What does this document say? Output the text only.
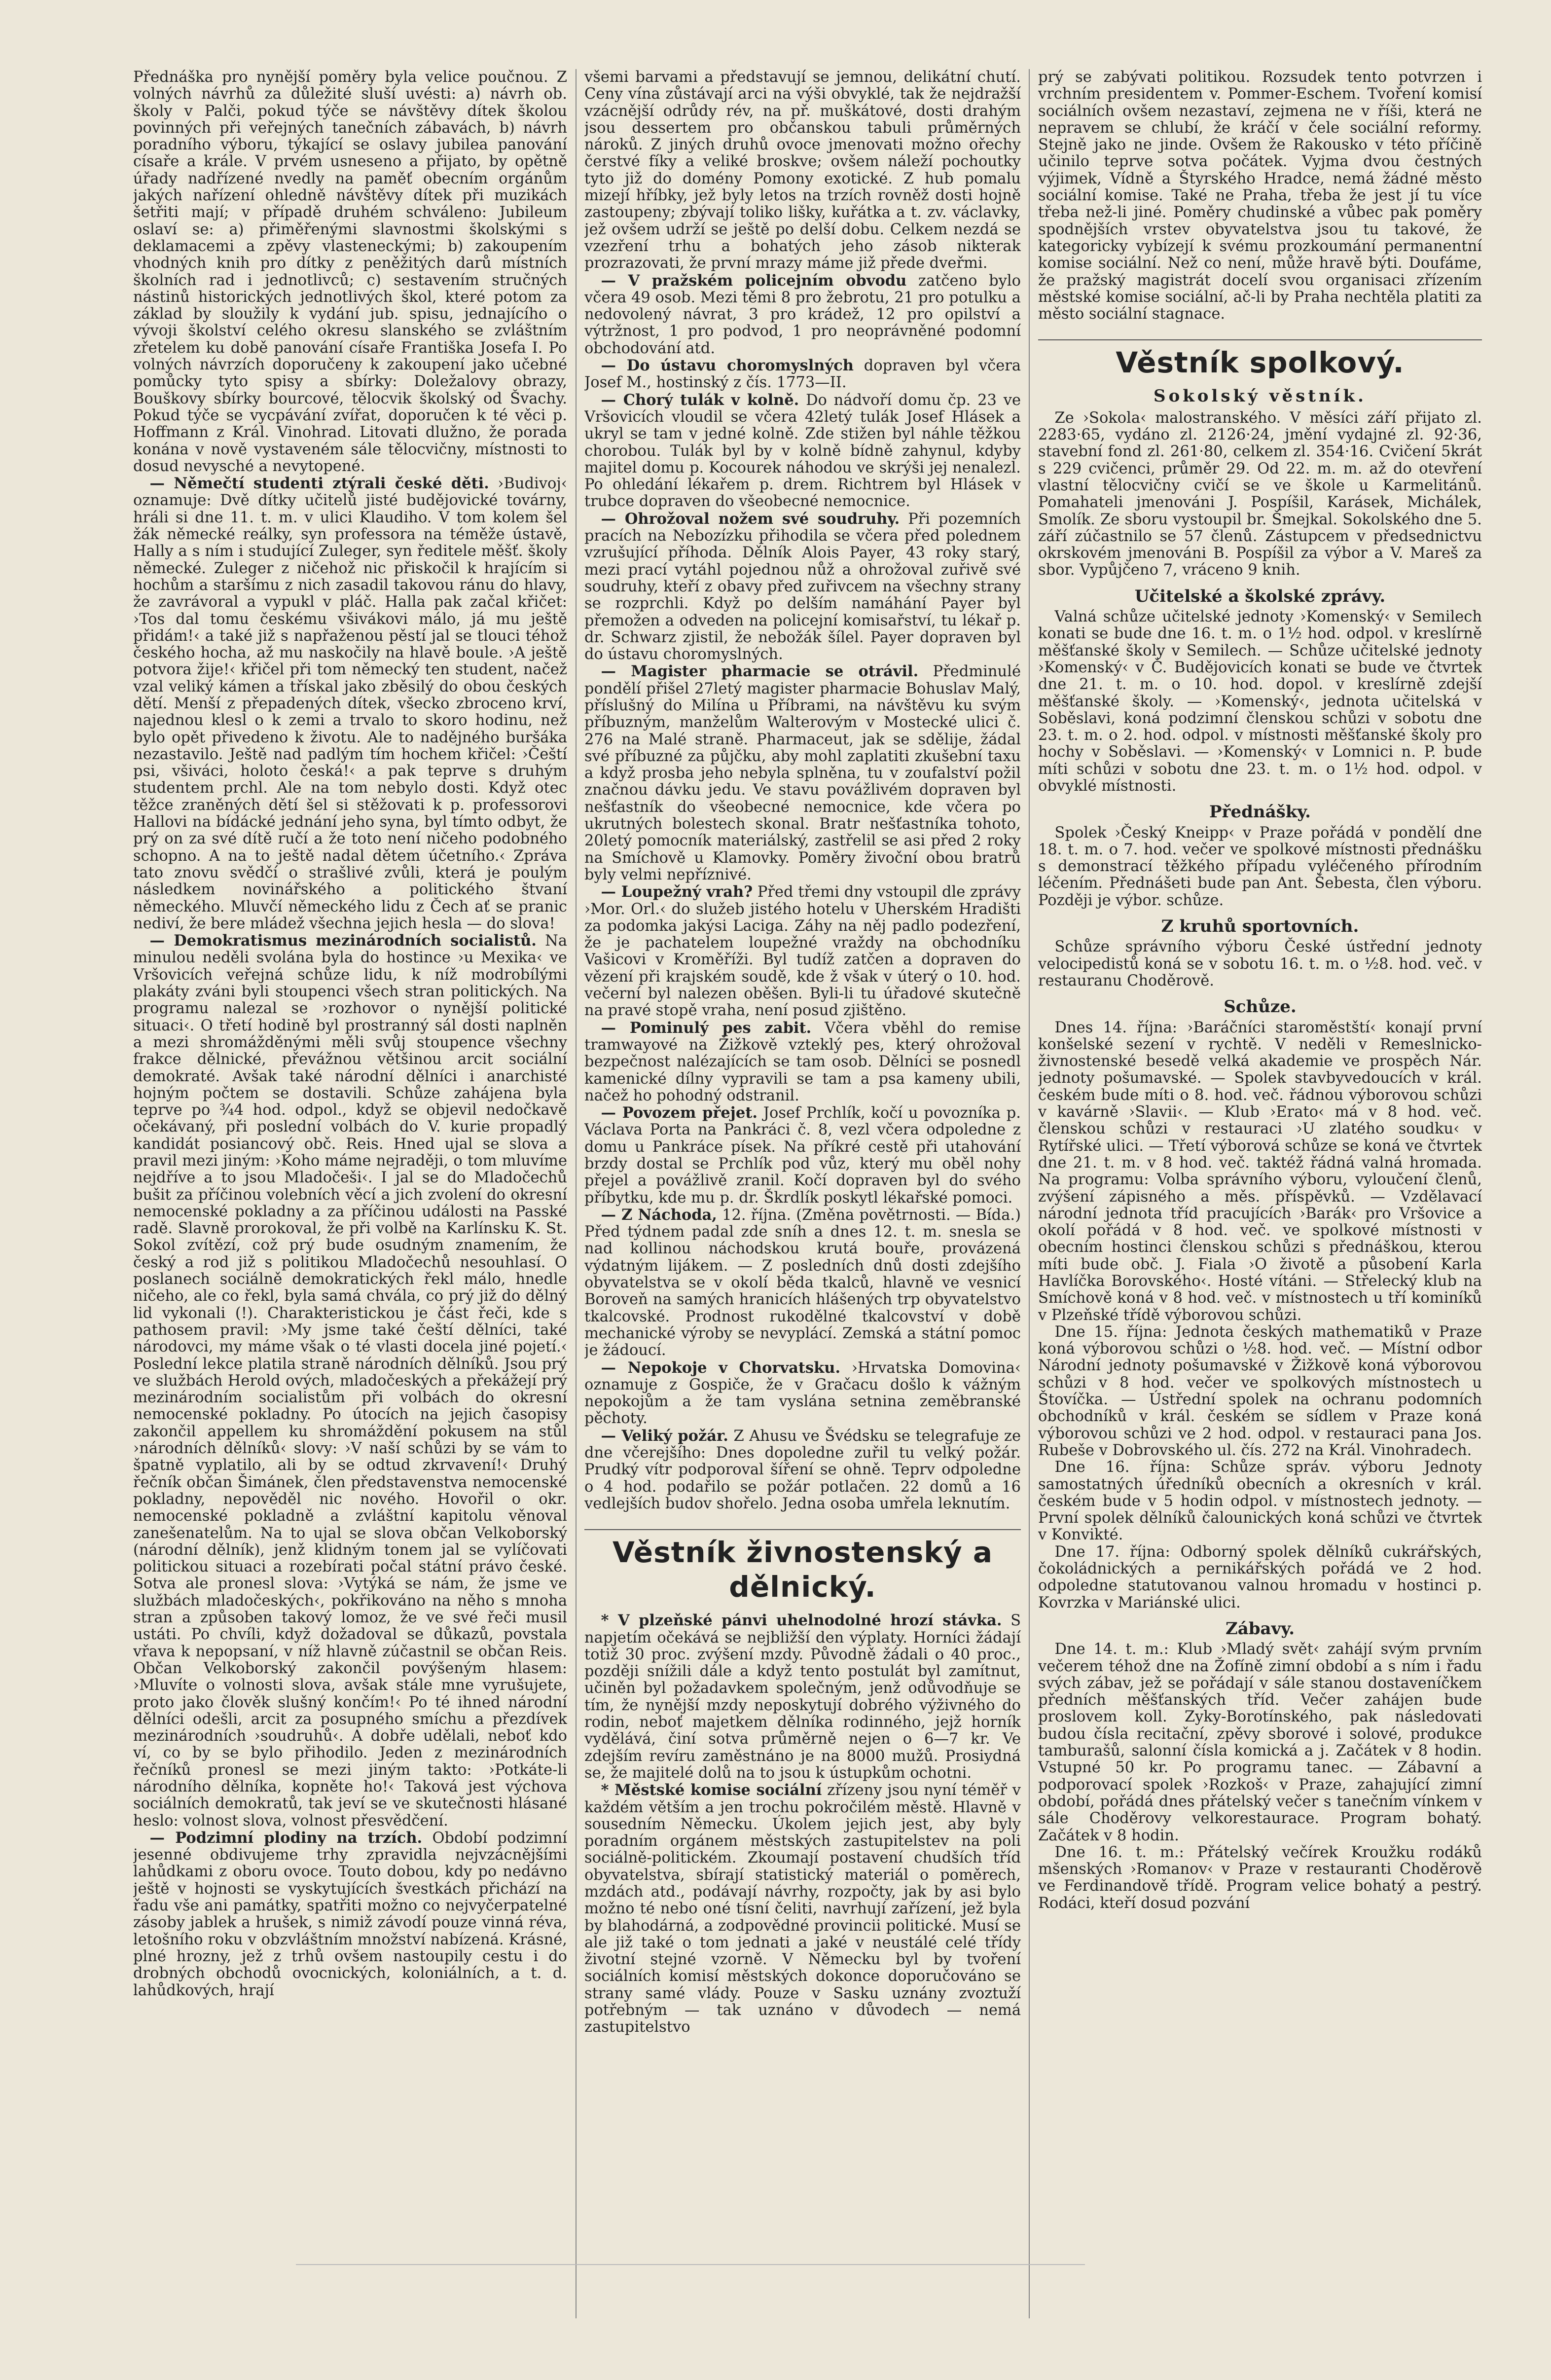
Přednáška pro nynější poměry byla velice poučnou. Z volných návrhů za důležité sluší uvésti: a) návrh ob. školy v Palči, pokud týče se návštěvy dítek školou povinných při veřejných tanečních zábavách, b) návrh poradního výboru, týkající se oslavy jubilea panování císaře a krále. V prvém usneseno a přijato, by opětně úřady nadřízené nvedly na paměť obecním orgánům jakých nařízení ohledně návštěvy dítek při muzikách šetřiti mají; v případě druhém schváleno: Jubileum oslaví se: a) přiměřenými slavnostmi školskými s deklamacemi a zpěvy vlasteneckými; b) zakoupením vhodných knih pro dítky z peněžitých darů místních školních rad i jednotlivců; c) sestavením stručných nástinů historických jednotlivých škol, které potom za základ by sloužily k vydání jub. spisu, jednajícího o vývoji školství celého okresu slanského se zvláštním zřetelem ku době panování císaře Františka Josefa I. Po volných návrzích doporučeny k zakoupení jako učebné pomůcky tyto spisy a sbírky: Doležalovy obrazy, Bouškovy sbírky bourcové, tělocvik školský od Švachy. Pokud týče se vycpávání zvířat, doporučen k té věci p. Hoffmann z Král. Vinohrad. Litovati dlužno, že porada konána v nově vystaveném sále tělocvičny, místnosti to dosud nevysché a nevytopené.

— Němečtí studenti ztýrali české děti. ›Budivoj‹ oznamuje: Dvě dítky učitelů jisté budějovické továrny, hráli si dne 11. t. m. v ulici Klaudiho. V tom kolem šel žák německé reálky, syn professora na téměže ústavě, Hally a s ním i studující Zuleger, syn ředitele měšť. školy německé. Zuleger z ničehož nic přiskočil k hrajícím si hochům a staršímu z nich zasadil takovou ránu do hlavy, že zavrávoral a vypukl v pláč. Halla pak začal křičet: ›Tos dal tomu českému všivákovi málo, já mu ještě přidám!‹ a také již s napřaženou pěstí jal se tlouci téhož českého hocha, až mu naskočily na hlavě boule. ›A ještě potvora žije!‹ křičel při tom německý ten student, načež vzal veliký kámen a třískal jako zběsilý do obou českých dětí. Menší z přepadených dítek, všecko zbroceno krví, najednou klesl o k zemi a trvalo to skoro hodinu, než bylo opět přivedeno k životu. Ale to nadějného buršáka nezastavilo. Ještě nad padlým tím hochem křičel: ›Čeští psi, všiváci, holoto česká!‹ a pak teprve s druhým studentem prchl. Ale na tom nebylo dosti. Když otec těžce zraněných dětí šel si stěžovati k p. professorovi Hallovi na bídácké jednání jeho syna, byl tímto odbyt, že prý on za své dítě ručí a že toto není ničeho podobného schopno. A na to ještě nadal dětem účetního.‹ Zpráva tato znovu svědčí o strašlivé zvůli, která je poulým následkem novinářského a politického štvaní německého. Mluvčí německého lidu z Čech ať se pranic nediví, že bere mládež všechna jejich hesla — do slova!

— Demokratismus mezinárodních socialistů. Na minulou neděli svolána byla do hostince ›u Mexika‹ ve Vršovicích veřejná schůze lidu, k níž modrobílými plakáty zváni byli stoupenci všech stran politických. Na programu nalezal se ›rozhovor o nynější politické situaci‹. O třetí hodině byl prostranný sál dosti naplněn a mezi shromážděnými měli svůj stoupence všechny frakce dělnické, převážnou většinou arcit sociální demokraté. Avšak také národní dělníci i anarchisté hojným počtem se dostavili. Schůze zahájena byla teprve po ¾4 hod. odpol., když se objevil nedočkavě očekávaný, při poslední volbách do V. kurie propadlý kandidát posiancový obč. Reis. Hned ujal se slova a pravil mezi jiným: ›Koho máme nejraději, o tom mluvíme nejdříve a to jsou Mladočeši‹. I jal se do Mladočechů bušit za příčinou volebních věcí a jich zvolení do okresní nemocenské pokladny a za příčinou události na Passké radě. Slavně prorokoval, že při volbě na Karlínsku K. St. Sokol zvítězí, což prý bude osudným znamením, že český a rod již s politikou Mladočechů nesouhlasí. O poslanech sociálně demokratických řekl málo, hnedle ničeho, ale co řekl, byla samá chvála, co prý již do dělný lid vykonali (!). Charakteristickou je část řeči, kde s pathosem pravil: ›My jsme také čeští dělníci, také národovci, my máme však o té vlasti docela jiné pojetí.‹ Poslední lekce platila straně národních dělníků. Jsou prý ve službách Herold ových, mladočeských a překážejí prý mezinárodním socialistům při volbách do okresní nemocenské pokladny. Po útocích na jejich časopisy zakončil appellem ku shromáždění pokusem na stůl ›národních dělníků‹ slovy: ›V naší schůzi by se vám to špatně vyplatilo, ali by se odtud zkrvavení!‹ Druhý řečník občan Šimánek, člen představenstva nemocenské pokladny, nepověděl nic nového. Hovořil o okr. nemocenské pokladně a zvláštní kapitolu věnoval zanešenatelům. Na to ujal se slova občan Velkoborský (národní dělník), jenž klidným tonem jal se vylíčovati politickou situaci a rozebírati počal státní právo české. Sotva ale pronesl slova: ›Vytýká se nám, že jsme ve službách mladočeských‹, pokřikováno na něho s mnoha stran a způsoben takový lomoz, že ve své řeči musil ustáti. Po chvíli, když dožadoval se důkazů, povstala vřava k nepopsaní, v níž hlavně zúčastnil se občan Reis. Občan Velkoborský zakončil povýšeným hlasem: ›Mluvíte o volnosti slova, avšak stále mne vyrušujete, proto jako člověk slušný končím!‹ Po té ihned národní dělníci odešli, arcit za posupného smíchu a přezdívek mezinárodních ›soudruhů‹. A dobře udělali, neboť kdo ví, co by se bylo přihodilo. Jeden z mezinárodních řečníků pronesl se mezi jiným takto: ›Potkáte-li národního dělníka, kopněte ho!‹ Taková jest výchova sociálních demokratů, tak jeví se ve skutečnosti hlásané heslo: volnost slova, volnost přesvědčení.

— Podzimní plodiny na trzích. Období podzimní jesenné obdivujeme trhy zpravidla nejvzácnějšími lahůdkami z oboru ovoce. Touto dobou, kdy po nedávno ještě v hojnosti se vyskytujících švestkách přichází na řadu vše ani památky, spatřiti možno co nejvyčerpatelné zásoby jablek a hrušek, s nimiž závodí pouze vinná réva, letošního roku v obzvláštním množství nabízená. Krásné, plné hrozny, jež z trhů ovšem nastoupily cestu i do drobných obchodů ovocnických, koloniálních, a t. d. lahůdkových, hrají

všemi barvami a představují se jemnou, delikátní chutí. Ceny vína zůstávají arci na výši obvyklé, tak že nejdražší vzácnější odrůdy rév, na př. muškátové, dosti drahým jsou dessertem pro občanskou tabuli průměrných nároků. Z jiných druhů ovoce jmenovati možno ořechy čerstvé fíky a veliké broskve; ovšem náleží pochoutky tyto již do domény Pomony exotické. Z hub pomalu mizejí hříbky, jež byly letos na trzích rovněž dosti hojně zastoupeny; zbývají toliko lišky, kuřátka a t. zv. václavky, jež ovšem udrží se ještě po delší dobu. Celkem nezdá se vzezření trhu a bohatých jeho zásob nikterak prozrazovati, že první mrazy máme již přede dveřmi.

— V pražském policejním obvodu zatčeno bylo včera 49 osob. Mezi těmi 8 pro žebrotu, 21 pro potulku a nedovolený návrat, 3 pro krádež, 12 pro opilství a výtržnost, 1 pro podvod, 1 pro neoprávněné podomní obchodování atd.

— Do ústavu choromyslných dopraven byl včera Josef M., hostinský z čís. 1773—II.

— Chorý tulák v kolně. Do nádvoří domu čp. 23 ve Vršovicích vloudil se včera 42letý tulák Josef Hlásek a ukryl se tam v jedné kolně. Zde stižen byl náhle těžkou chorobou. Tulák byl by v kolně bídně zahynul, kdyby majitel domu p. Kocourek náhodou ve skrýši jej nenalezl. Po ohledání lékařem p. drem. Richtrem byl Hlásek v trubce dopraven do všeobecné nemocnice.

— Ohrožoval nožem své soudruhy. Při pozemních pracích na Nebozízku přihodila se včera před polednem vzrušující příhoda. Dělník Alois Payer, 43 roky starý, mezi prací vytáhl pojednou nůž a ohrožoval zuřivě své soudruhy, kteří z obavy před zuřivcem na všechny strany se rozprchli. Když po delším namáhání Payer byl přemožen a odveden na policejní komisařství, tu lékař p. dr. Schwarz zjistil, že nebožák šílel. Payer dopraven byl do ústavu choromyslných.

— Magister pharmacie se otrávil. Předminulé pondělí přišel 27letý magister pharmacie Bohuslav Malý, příslušný do Milína u Příbrami, na návštěvu ku svým příbuzným, manželům Walterovým v Mostecké ulici č. 276 na Malé straně. Pharmaceut, jak se sdělije, žádal své příbuzné za půjčku, aby mohl zaplatiti zkušební taxu a když prosba jeho nebyla splněna, tu v zoufalství požil značnou dávku jedu. Ve stavu povážlivém dopraven byl nešťastník do všeobecné nemocnice, kde včera po ukrutných bolestech skonal. Bratr nešťastníka tohoto, 20letý pomocník materiálský, zastřelil se asi před 2 roky na Smíchově u Klamovky. Poměry živoční obou bratrů byly velmi nepříznivé.

— Loupežný vrah? Před třemi dny vstoupil dle zprávy ›Mor. Orl.‹ do služeb jistého hotelu v Uherském Hradišti za podomka jakýsi Laciga. Záhy na něj padlo podezření, že je pachatelem loupežné vraždy na obchodníku Vašicovi v Kroměříži. Byl tudíž zatčen a dopraven do vězení při krajském soudě, kde ž však v úterý o 10. hod. večerní byl nalezen oběšen. Byli-li tu úřadové skutečně na pravé stopě vraha, není posud zjištěno.

— Pominulý pes zabit. Včera vběhl do remise tramwayové na Žižkově vzteklý pes, který ohrožoval bezpečnost nalézajících se tam osob. Dělníci se posnedl kamenické dílny vypravili se tam a psa kameny ubili, načež ho pohodný odstranil.

— Povozem přejet. Josef Prchlík, kočí u povozníka p. Václava Porta na Pankráci č. 8, vezl včera odpoledne z domu u Pankráce písek. Na příkré cestě při utahování brzdy dostal se Prchlík pod vůz, který mu oběl nohy přejel a povážlivě zranil. Kočí dopraven byl do svého příbytku, kde mu p. dr. Škrdlík poskytl lékařské pomoci.

— Z Náchoda, 12. října. (Změna povětrnosti. — Bída.) Před týdnem padal zde sníh a dnes 12. t. m. snesla se nad kollinou náchodskou krutá bouře, provázená výdatným lijákem. — Z posledních dnů dosti zdejšího obyvatelstva se v okolí běda tkalců, hlavně ve vesnicí Boroveň na samých hranicích hlášených trp obyvatelstvo tkalcovské. Prodnost rukodělné tkalcovství v době mechanické výroby se nevyplácí. Zemská a státní pomoc je žádoucí.

— Nepokoje v Chorvatsku. ›Hrvatska Domovina‹ oznamuje z Gospiče, že v Gračacu došlo k vážným nepokojům a že tam vyslána setnina zeměbranské pěchoty.

— Veliký požár. Z Ahusu ve Švédsku se telegrafuje ze dne včerejšího: Dnes dopoledne zuřil tu velký požár. Prudký vítr podporoval šíření se ohně. Teprv odpoledne o 4 hod. podařilo se požár potlačen. 22 domů a 16 vedlejších budov shořelo. Jedna osoba umřela leknutím.

Věstník živnostenský a dělnický.

* V plzeňské pánvi uhelnodolné hrozí stávka. S napjetím očekává se nejbližší den výplaty. Horníci žádají totiž 30 proc. zvýšení mzdy. Původně žádali o 40 proc., později snížili dále a když tento postulát byl zamítnut, učiněn byl požadavkem společným, jenž odůvodňuje se tím, že nynější mzdy neposkytují dobrého výživného do rodin, neboť majetkem dělníka rodinného, jejž horník vydělává, činí sotva průměrně nejen o 6—7 kr. Ve zdejším revíru zaměstnáno je na 8000 mužů. Prosiydná se, že majitelé dolů na to jsou k ústupkům ochotni.

* Městské komise sociální zřízeny jsou nyní téměř v každém větším a jen trochu pokročilém městě. Hlavně v sousedním Německu. Úkolem jejich jest, aby byly poradním orgánem městských zastupitelstev na poli sociálně-politickém. Zkoumají postavení chudších tříd obyvatelstva, sbírají statistický materiál o poměrech, mzdách atd., podávají návrhy, rozpočty, jak by asi bylo možno té nebo oné tísní čeliti, navrhují zařízení, jež byla by blahodárná, a zodpovědné provincii politické. Musí se ale již také o tom jednati a jaké v neustálé celé třídy životní stejné vzorně. V Německu byl by tvoření sociálních komisí městských dokonce doporučováno se strany samé vlády. Pouze v Sasku uznány zvoztuží potřebným — tak uznáno v důvodech — nemá zastupitelstvo

prý se zabývati politikou. Rozsudek tento potvrzen i vrchním presidentem v. Pommer-Eschem. Tvoření komisí sociálních ovšem nezastaví, zejmena ne v říši, která ne nepravem se chlubí, že kráčí v čele sociální reformy. Stejně jako ne jinde. Ovšem že Rakousko v této příčině učinilo teprve sotva počátek. Vyjma dvou čestných výjimek, Vídně a Štyrského Hradce, nemá žádné město sociální komise. Také ne Praha, třeba že jest jí tu více třeba než-li jiné. Poměry chudinské a vůbec pak poměry spodnějších vrstev obyvatelstva jsou tu takové, že kategoricky vybízejí k svému prozkoumání permanentní komise sociální. Než co není, může hravě býti. Doufáme, že pražský magistrát docelí svou organisaci zřízením městské komise sociální, ač-li by Praha nechtěla platiti za město sociální stagnace.

Věstník spolkový.
Sokolský věstník.

Ze ›Sokola‹ malostranského. V měsíci září přijato zl. 2283·65, vydáno zl. 2126·24, jmění vydajné zl. 92·36, stavební fond zl. 261·80, celkem zl. 354·16. Cvičení 5krát s 229 cvičenci, průměr 29. Od 22. m. m. až do otevření vlastní tělocvičny cvičí se ve škole u Karmelitánů. Pomahateli jmenováni J. Pospíšil, Karásek, Michálek, Smolík. Ze sboru vystoupil br. Šmejkal. Sokolského dne 5. září zúčastnilo se 57 členů. Zástupcem v předsednictvu okrskovém jmenováni B. Pospíšil za výbor a V. Mareš za sbor. Vypůjčeno 7, vráceno 9 knih.

Učitelské a školské zprávy.

Valná schůze učitelské jednoty ›Komenský‹ v Semilech konati se bude dne 16. t. m. o 1½ hod. odpol. v kreslírně měšťanské školy v Semilech. — Schůze učitelské jednoty ›Komenský‹ v Č. Budějovicích konati se bude ve čtvrtek dne 21. t. m. o 10. hod. dopol. v kreslírně zdejší měšťanské školy. — ›Komenský‹, jednota učitelská v Soběslavi, koná podzimní členskou schůzi v sobotu dne 23. t. m. o 2. hod. odpol. v místnosti měšťanské školy pro hochy v Soběslavi. — ›Komenský‹ v Lomnici n. P. bude míti schůzi v sobotu dne 23. t. m. o 1½ hod. odpol. v obvyklé místnosti.

Přednášky.

Spolek ›Český Kneipp‹ v Praze pořádá v pondělí dne 18. t. m. o 7. hod. večer ve spolkové místnosti přednášku s demonstrací těžkého případu vyléčeného přírodním léčením. Přednášeti bude pan Ant. Šebesta, člen výboru. Později je výbor. schůze.

Z kruhů sportovních.

Schůze správního výboru České ústřední jednoty velocipedistů koná se v sobotu 16. t. m. o ½8. hod. več. v restauranu Choděrově.

Schůze.

Dnes 14. října: ›Baráčníci staroměstští‹ konají první konšelské sezení v rychtě. V neděli v Remeslnicko-živnostenské besedě velká akademie ve prospěch Nár. jednoty pošumavské. — Spolek stavbyvedoucích v král. českém bude míti o 8. hod. več. řádnou výborovou schůzi v kavárně ›Slavii‹. — Klub ›Erato‹ má v 8 hod. več. členskou schůzi v restauraci ›U zlatého soudku‹ v Rytířské ulici. — Třetí výborová schůze se koná ve čtvrtek dne 21. t. m. v 8 hod. več. taktéž řádná valná hromada. Na programu: Volba správního výboru, vyloučení členů, zvýšení zápisného a měs. příspěvků. — Vzdělavací národní jednota tříd pracujících ›Barák‹ pro Vršovice a okolí pořádá v 8 hod. več. ve spolkové místnosti v obecním hostinci členskou schůzi s přednáškou, kterou míti bude obč. J. Fiala ›O životě a působení Karla Havlíčka Borovského‹. Hosté vítáni. — Střelecký klub na Smíchově koná v 8 hod. več. v místnostech u tří kominíků v Plzeňské třídě výborovou schůzi.

Dne 15. října: Jednota českých mathematiků v Praze koná výborovou schůzi o ½8. hod. več. — Místní odbor Národní jednoty pošumavské v Žižkově koná výborovou schůzi v 8 hod. večer ve spolkových místnostech u Štovíčka. — Ústřední spolek na ochranu podomních obchodníků v král. českém se sídlem v Praze koná výborovou schůzi ve 2 hod. odpol. v restauraci pana Jos. Rubeše v Dobrovského ul. čís. 272 na Král. Vinohradech.

Dne 16. října: Schůze správ. výboru Jednoty samostatných úředníků obecních a okresních v král. českém bude v 5 hodin odpol. v místnostech jednoty. — První spolek dělníků čalounických koná schůzi ve čtvrtek v Konvikté.

Dne 17. října: Odborný spolek dělníků cukrářských, čokoládnických a pernikářských pořádá ve 2 hod. odpoledne statutovanou valnou hromadu v hostinci p. Kovrzka v Mariánské ulici.

Zábavy.

Dne 14. t. m.: Klub ›Mladý svět‹ zahájí svým prvním večerem téhož dne na Žofíně zimní období a s ním i řadu svých zábav, jež se pořádají v sále stanou dostaveníčkem předních měšťanských tříd. Večer zahájen bude proslovem koll. Zyky-Borotínského, pak následovati budou čísla recitační, zpěvy sborové i solové, produkce tamburašů, salonní čísla komická a j. Začátek v 8 hodin. Vstupné 50 kr. Po programu tanec. — Zábavní a podporovací spolek ›Rozkoš‹ v Praze, zahajující zimní období, pořádá dnes přátelský večer s tanečním vínkem v sále Choděrovy velkorestaurace. Program bohatý. Začátek v 8 hodin.

Dne 16. t. m.: Přátelský večírek Kroužku rodáků mšenských ›Romanov‹ v Praze v restauranti Choděrově ve Ferdinandově třídě. Program velice bohatý a pestrý. Rodáci, kteří dosud pozvání
